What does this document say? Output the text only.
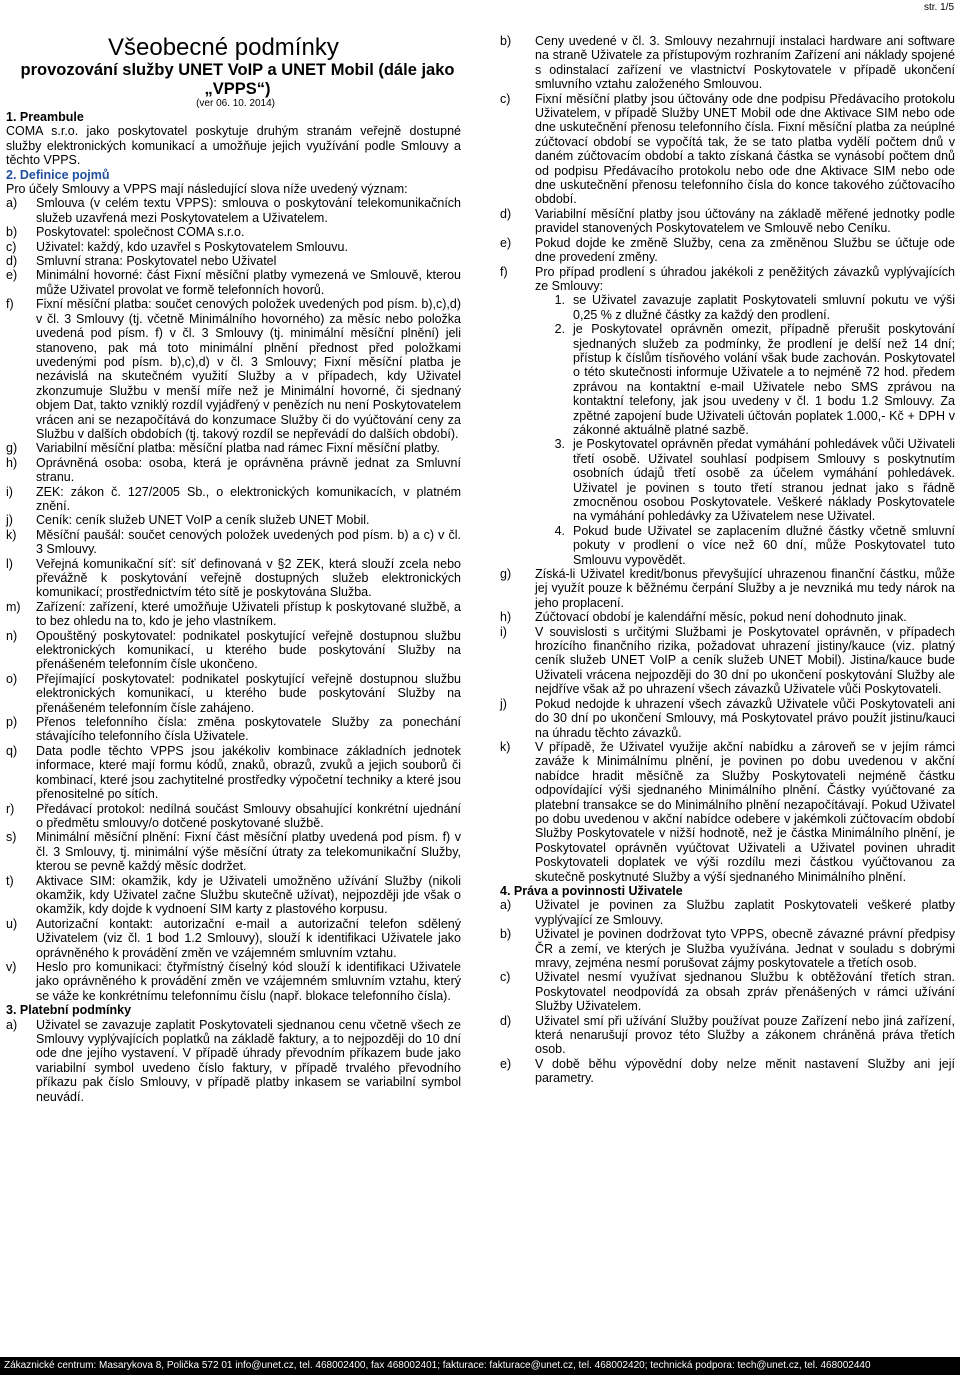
str. 1/5
Všeobecné podmínky

provozování služby UNET VoIP a UNET Mobil (dále jako „VPPS“)

(ver 06. 10. 2014)

1. Preambule

COMA s.r.o. jako poskytovatel poskytuje druhým stranám veřejně dostupné služby elektronických komunikací a umožňuje jejich využívání podle Smlouvy a těchto VPPS.

2. Definice pojmů

Pro účely Smlouvy a VPPS mají následující slova níže uvedený význam:

a)	Smlouva (v celém textu VPPS): smlouva o poskytování telekomunikačních služeb uzavřená mezi Poskytovatelem a Uživatelem.
b)	Poskytovatel: společnost COMA s.r.o.
c)	Uživatel: každý, kdo uzavřel s Poskytovatelem Smlouvu.
d)	Smluvní strana: Poskytovatel nebo Uživatel
e)	Minimální hovorné: část Fixní měsíční platby vymezená ve Smlouvě, kterou může Uživatel provolat ve formě telefonních hovorů.
f)	Fixní měsíční platba: součet cenových položek uvedených pod písm. b),c),d) v čl. 3 Smlouvy (tj. včetně Minimálního hovorného) za měsíc nebo položka uvedená pod písm. f) v čl. 3 Smlouvy (tj. minimální měsíční plnění) jeli stanoveno, pak má toto minimální plnění přednost před položkami uvedenými pod písm. b),c),d) v čl. 3 Smlouvy; Fixní měsíční platba je nezávislá na skutečném využití Služby a v případech, kdy Uživatel zkonzumuje Službu v menší míře než je Minimální hovorné, či sjednaný objem Dat, takto vzniklý rozdíl vyjádřený v penězích nu není Poskytovatelem vrácen ani se nezapočítává do konzumace Služby či do vyúčtování ceny za Službu v dalších obdobích (tj. takový rozdíl se nepřevádí do dalších období).
g)	Variabilní měsíční platba: měsíční platba nad rámec Fixní měsíční platby.
h)	Oprávněná osoba: osoba, která je oprávněna právně jednat za Smluvní stranu.
i)	ZEK: zákon č. 127/2005 Sb., o elektronických komunikacích, v platném znění.
j)	Ceník: ceník služeb UNET VoIP a ceník služeb UNET Mobil.
k)	Měsíční paušál: součet cenových položek uvedených pod písm. b) a c) v čl. 3 Smlouvy.
l)	Veřejná komunikační síť: síť definovaná v §2 ZEK, která slouží zcela nebo převážně k poskytování veřejně dostupných služeb elektronických komunikací; prostřednictvím této sítě je poskytována Služba.
m)	Zařízení: zařízení, které umožňuje Uživateli přístup k poskytované službě, a to bez ohledu na to, kdo je jeho vlastníkem.
n)	Opouštěný poskytovatel: podnikatel poskytující veřejně dostupnou službu elektronických komunikací, u kterého bude poskytování Služby na přenášeném telefonním čísle ukončeno.
o)	Přejímající poskytovatel: podnikatel poskytující veřejně dostupnou službu elektronických komunikací, u kterého bude poskytování Služby na přenášeném telefonním čísle zahájeno.
p)	Přenos telefonního čísla: změna poskytovatele Služby za ponechání stávajícího telefonního čísla Uživatele.
q)	Data podle těchto VPPS jsou jakékoliv kombinace základních jednotek informace, které mají formu kódů, znaků, obrazů, zvuků a jejich souborů či kombinací, které jsou zachytitelné prostředky výpočetní techniky a které jsou přenositelné po sítích.
r)	Předávací protokol: nedílná součást Smlouvy obsahující konkrétní ujednání o předmětu smlouvy/o dotčené poskytované službě.
s)	Minimální měsíční plnění: Fixní část měsíční platby uvedená pod písm. f) v čl. 3 Smlouvy, tj. minimální výše měsíční útraty za telekomunikační Služby, kterou se pevně každý měsíc dodržet.
t)	Aktivace SIM: okamžik, kdy je Uživateli umožněno užívání Služby (nikoli okamžik, kdy Uživatel začne Službu skutečně užívat), nejpozději jde však o okamžik, kdy dojde k vydnoení SIM karty z plastového korpusu.
u)	Autorizační kontakt: autorizační e-mail a autorizační telefon sdělený Uživatelem (viz čl. 1 bod 1.2 Smlouvy), slouží k identifikaci Uživatele jako oprávněného k provádění změn ve vzájemném smluvním vztahu.
v)	Heslo pro komunikaci: čtyřmístný číselný kód slouží k identifikaci Uživatele jako oprávněného k provádění změn ve vzájemném smluvním vztahu, který se váže ke konkrétnímu telefonnímu číslu (např. blokace telefonního čísla).

3. Platební podmínky

a)	Uživatel se zavazuje zaplatit Poskytovateli sjednanou cenu včetně všech ze Smlouvy vyplývajících poplatků na základě faktury, a to nejpozději do 10 dní ode dne jejího vystavení. V případě úhrady převodním příkazem bude jako variabilní symbol uvedeno číslo faktury, v případě trvalého převodního příkazu pak číslo Smlouvy, v případě platby inkasem se variabilní symbol neuvádí.
b)	Ceny uvedené v čl. 3. Smlouvy nezahrnují instalaci hardware ani software na straně Uživatele za přístupovým rozhraním Zařízení ani náklady spojené s odinstalací zařízení ve vlastnictví Poskytovatele v případě ukončení smluvního vztahu založeného Smlouvou.
c)	Fixní měsíční platby jsou účtovány ode dne podpisu Předávacího protokolu Uživatelem, v případě Služby UNET Mobil ode dne Aktivace SIM nebo ode dne uskutečnění přenosu telefonního čísla. Fixní měsíční platba za neúplné zúčtovací období se vypočítá tak, že se tato platba vydělí počtem dnů v daném zúčtovacím období a takto získaná částka se vynásobí počtem dnů od podpisu Předávacího protokolu nebo ode dne Aktivace SIM nebo ode dne uskutečnění přenosu telefonního čísla do konce takového zúčtovacího období.
d)	Variabilní měsíční platby jsou účtovány na základě měřené jednotky podle pravidel stanovených Poskytovatelem ve Smlouvě nebo Ceníku.
e)	Pokud dojde ke změně Služby, cena za změněnou Službu se účtuje ode dne provedení změny.
f)	Pro případ prodlení s úhradou jakékoli z peněžitých závazků vyplývajících ze Smlouvy:
1. se Uživatel zavazuje zaplatit Poskytovateli smluvní pokutu ve výši 0,25 % z dlužné částky za každý den prodlení.
2. je Poskytovatel oprávněn omezit, případně přerušit poskytování sjednaných služeb za podmínky, že prodlení je delší než 14 dní; přístup k číslům tísňového volání však bude zachován. Poskytovatel o této skutečnosti informuje Uživatele a to nejméně 72 hod. předem zprávou na kontaktní e-mail Uživatele nebo SMS zprávou na kontaktní telefony, jak jsou uvedeny v čl. 1 bodu 1.2 Smlouvy. Za zpětné zapojení bude Uživateli účtován poplatek 1.000,- Kč + DPH v zákonné aktuálně platné sazbě.
3. je Poskytovatel oprávněn předat vymáhání pohledávek vůči Uživateli třetí osobě. Uživatel souhlasí podpisem Smlouvy s poskytnutím osobních údajů třetí osobě za účelem vymáhání pohledávek. Uživatel je povinen s touto třetí stranou jednat jako s řádně zmocněnou osobou Poskytovatele. Veškeré náklady Poskytovatele na vymáhání pohledávky za Uživatelem nese Uživatel.
4. Pokud bude Uživatel se zaplacením dlužné částky včetně smluvní pokuty v prodlení o více než 60 dní, může Poskytovatel tuto Smlouvu vypovědět.
g)	Získá-li Uživatel kredit/bonus převyšující uhrazenou finanční částku, může jej využít pouze k běžnému čerpání Služby a je nevzniká mu tedy nárok na jeho proplacení.
h)	Zúčtovací období je kalendářní měsíc, pokud není dohodnuto jinak.
i)	V souvislosti s určitými Službami je Poskytovatel oprávněn, v případech hrozícího finančního rizika, požadovat uhrazení jistiny/kauce (viz. platný ceník služeb UNET VoIP a ceník služeb UNET Mobil). Jistina/kauce bude Uživateli vrácena nejpozději do 30 dní po ukončení poskytování Služby ale nejdříve však až po uhrazení všech závazků Uživatele vůči Poskytovateli.
j)	Pokud nedojde k uhrazení všech závazků Uživatele vůči Poskytovateli ani do 30 dní po ukončení Smlouvy, má Poskytovatel právo použít jistinu/kauci na úhradu těchto závazků.
k)	V případě, že Uživatel využije akční nabídku a zároveň se v jejím rámci zaváže k Minimálnímu plnění, je povinen po dobu uvedenou v akční nabídce hradit měsíčně za Služby Poskytovateli nejméně částku odpovídající výši sjednaného Minimálního plnění. Částky vyúčtované za platební transakce se do Minimálního plnění nezapočítávají. Pokud Uživatel po dobu uvedenou v akční nabídce odebere v jakémkoli zúčtovacím období Služby Poskytovatele v nižší hodnotě, než je částka Minimálního plnění, je Poskytovatel oprávněn vyúčtovat Uživateli a Uživatel povinen uhradit Poskytovateli doplatek ve výši rozdílu mezi částkou vyúčtovanou za skutečně poskytnuté Služby a výší sjednaného Minimálního plnění.

4. Práva a povinnosti Uživatele

a)	Uživatel je povinen za Službu zaplatit Poskytovateli veškeré platby vyplývající ze Smlouvy.
b)	Uživatel je povinen dodržovat tyto VPPS, obecně závazné právní předpisy ČR a zemí, ve kterých je Služba využívána. Jednat v souladu s dobrými mravy, zejména nesmí porušovat zájmy poskytovatele a třetích osob.
c)	Uživatel nesmí využívat sjednanou Službu k obtěžování třetích stran. Poskytovatel neodpovídá za obsah zpráv přenášených v rámci užívání Služby Uživatelem.
d)	Uživatel smí při užívání Služby používat pouze Zařízení nebo jiná zařízení, která nenarušují provoz této Služby a zákonem chráněná práva třetích osob.
e)	V době běhu výpovědní doby nelze měnit nastavení Služby ani její parametry.
Zákaznické centrum: Masarykova 8, Polička 572 01 info@unet.cz, tel. 468002400, fax 468002401; fakturace: fakturace@unet.cz, tel. 468002420; technická podpora: tech@unet.cz, tel. 468002440
